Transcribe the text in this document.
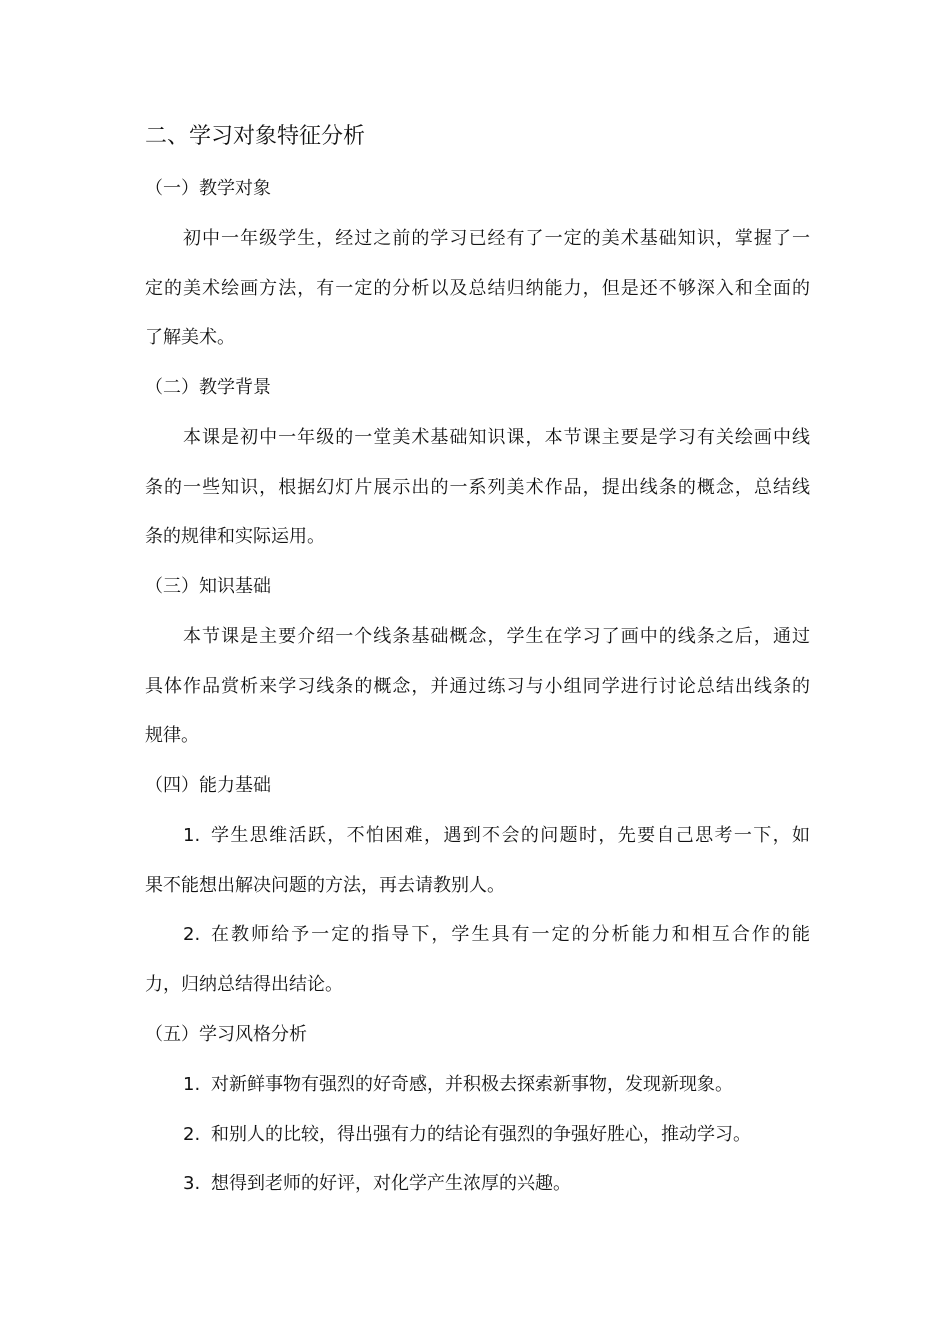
二、学习对象特征分析
（一）教学对象
初中一年级学生，经过之前的学习已经有了一定的美术基础知识，掌握了一
定的美术绘画方法，有一定的分析以及总结归纳能力，但是还不够深入和全面的
了解美术。
（二）教学背景
本课是初中一年级的一堂美术基础知识课，本节课主要是学习有关绘画中线
条的一些知识，根据幻灯片展示出的一系列美术作品，提出线条的概念，总结线
条的规律和实际运用。
（三）知识基础
本节课是主要介绍一个线条基础概念，学生在学习了画中的线条之后，通过
具体作品赏析来学习线条的概念，并通过练习与小组同学进行讨论总结出线条的
规律。
（四）能力基础
1. 学生思维活跃，不怕困难，遇到不会的问题时，先要自己思考一下，如
果不能想出解决问题的方法，再去请教别人。
2. 在教师给予一定的指导下，学生具有一定的分析能力和相互合作的能
力，归纳总结得出结论。
（五）学习风格分析
1. 对新鲜事物有强烈的好奇感，并积极去探索新事物，发现新现象。
2. 和别人的比较，得出强有力的结论有强烈的争强好胜心，推动学习。
3. 想得到老师的好评，对化学产生浓厚的兴趣。
